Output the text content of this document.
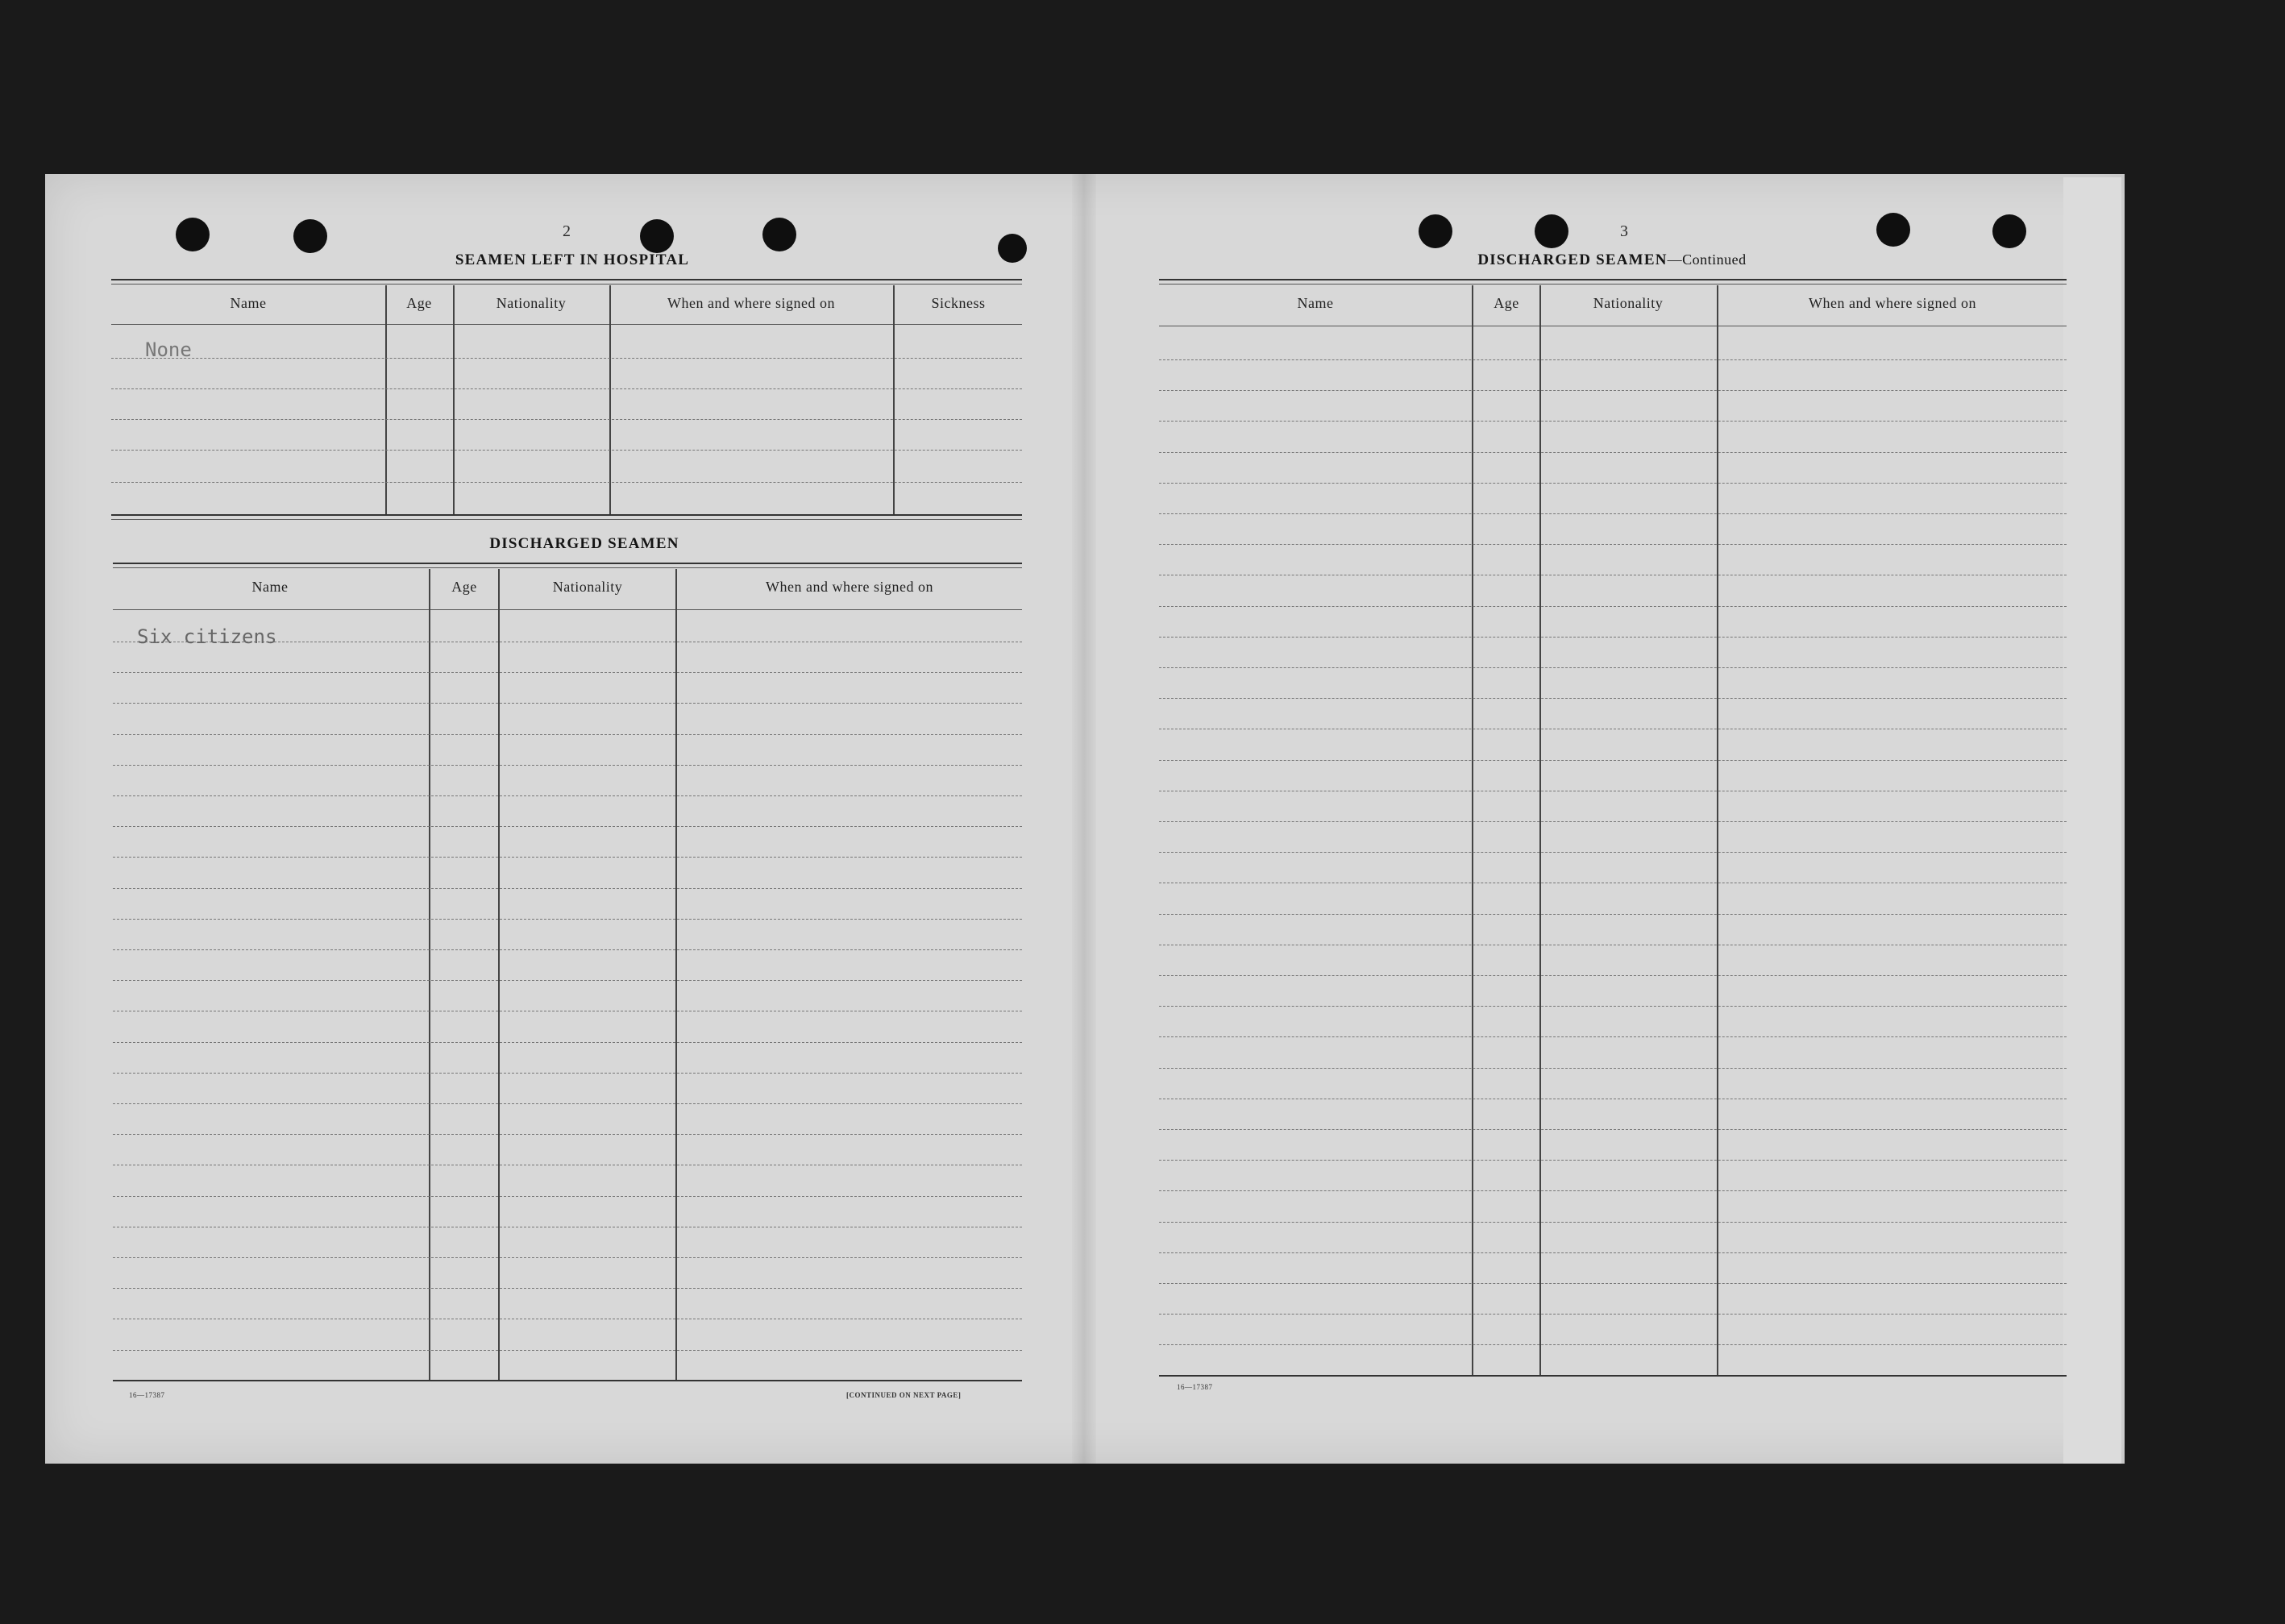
2
SEAMEN LEFT IN HOSPITAL
Name	Age	Nationality	When and where signed on	Sickness
None
DISCHARGED SEAMEN
Name	Age	Nationality	When and where signed on
Six citizens
16—17387	[CONTINUED ON NEXT PAGE]
3
DISCHARGED SEAMEN—Continued
Name	Age	Nationality	When and where signed on
16—17387
